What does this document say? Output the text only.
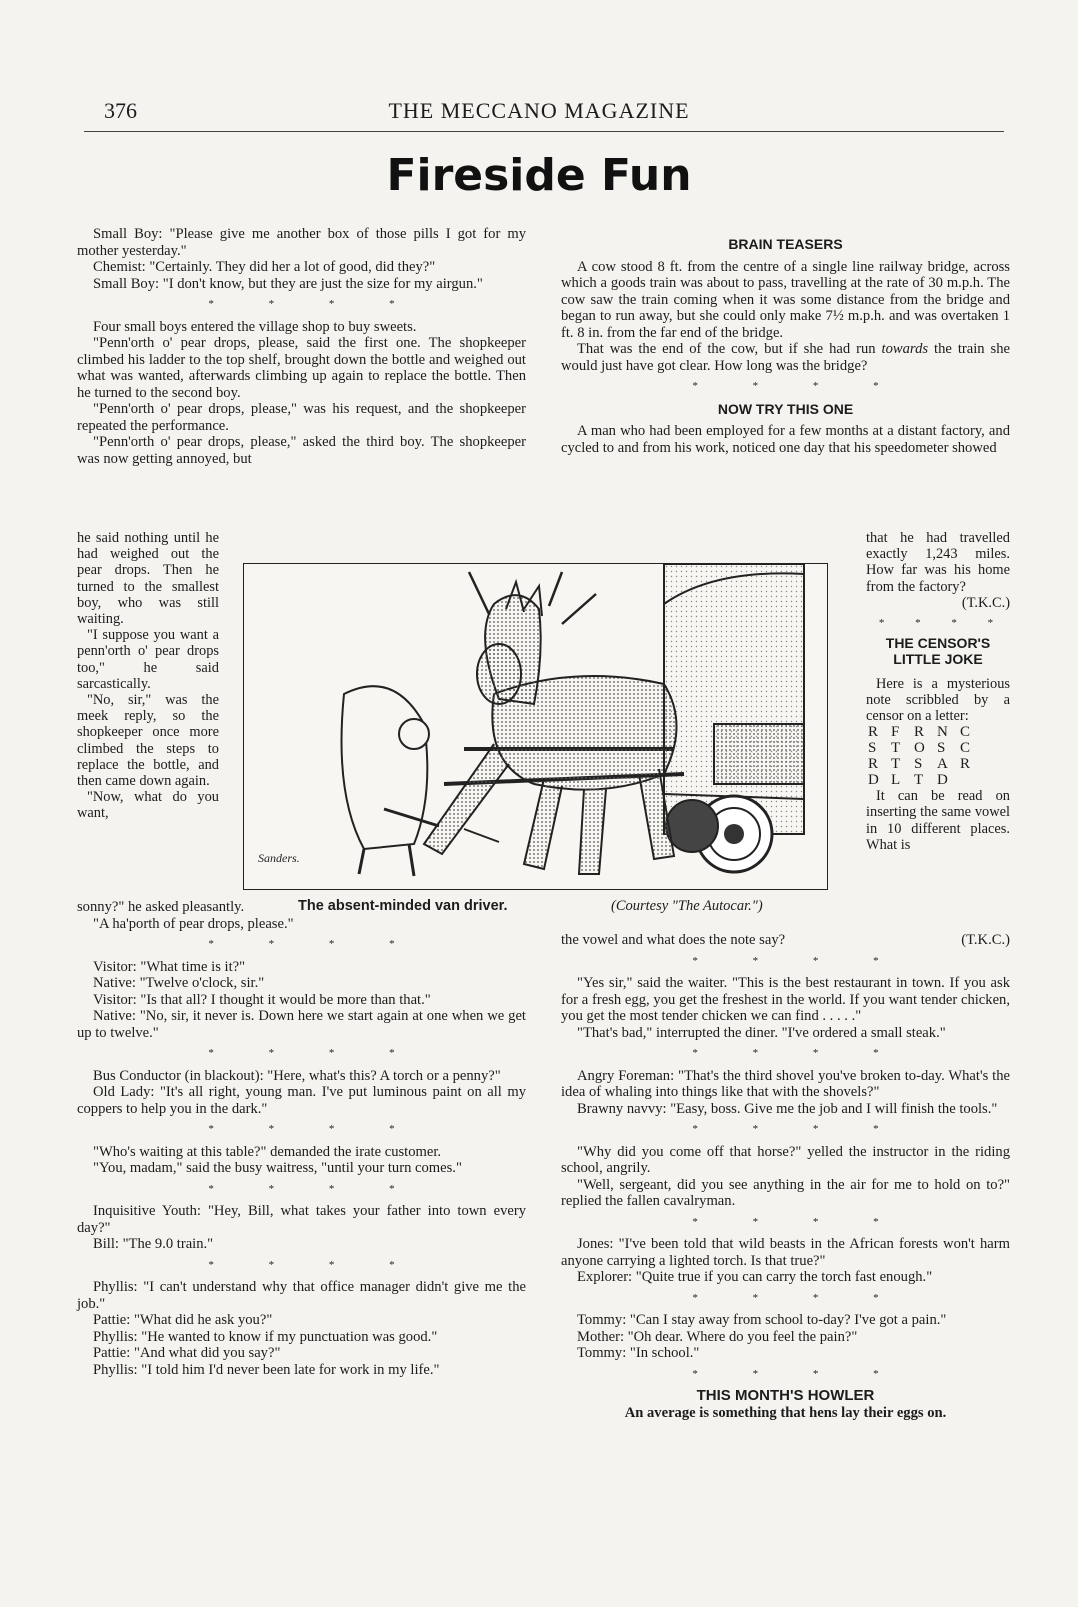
376	THE MECCANO MAGAZINE
Fireside Fun

Small Boy: "Please give me another box of those pills I got for my mother yesterday."

Chemist: "Certainly. They did her a lot of good, did they?"

Small Boy: "I don't know, but they are just the size for my airgun."

* * * *

Four small boys entered the village shop to buy sweets.

"Penn'orth o' pear drops, please, said the first one. The shopkeeper climbed his ladder to the top shelf, brought down the bottle and weighed out what was wanted, afterwards climbing up again to replace the bottle. Then he turned to the second boy.

"Penn'orth o' pear drops, please," was his request, and the shopkeeper repeated the performance.

"Penn'orth o' pear drops, please," asked the third boy. The shopkeeper was now getting annoyed, but

he said nothing until he had weighed out the pear drops. Then he turned to the smallest boy, who was still waiting.

"I suppose you want a penn'orth o' pear drops too," he said sarcastically.

"No, sir," was the meek reply, so the shopkeeper once more climbed the steps to replace the bottle, and then came down again.

"Now, what do you want,

Sanders.
The absent-minded van driver.	(Courtesy "The Autocar.")

sonny?" he asked pleasantly.

"A ha'porth of pear drops, please."

* * * *

Visitor: "What time is it?"

Native: "Twelve o'clock, sir."

Visitor: "Is that all? I thought it would be more than that."

Native: "No, sir, it never is. Down here we start again at one when we get up to twelve."

* * * *

Bus Conductor (in blackout): "Here, what's this? A torch or a penny?"

Old Lady: "It's all right, young man. I've put luminous paint on all my coppers to help you in the dark."

* * * *

"Who's waiting at this table?" demanded the irate customer.

"You, madam," said the busy waitress, "until your turn comes."

* * * *

Inquisitive Youth: "Hey, Bill, what takes your father into town every day?"

Bill: "The 9.0 train."

* * * *

Phyllis: "I can't understand why that office manager didn't give me the job."

Pattie: "What did he ask you?"

Phyllis: "He wanted to know if my punctuation was good."

Pattie: "And what did you say?"

Phyllis: "I told him I'd never been late for work in my life."

BRAIN TEASERS

A cow stood 8 ft. from the centre of a single line railway bridge, across which a goods train was about to pass, travelling at the rate of 30 m.p.h. The cow saw the train coming when it was some distance from the bridge and began to run away, but she could only make 7½ m.p.h. and was overtaken 1 ft. 8 in. from the far end of the bridge.

That was the end of the cow, but if she had run towards the train she would just have got clear. How long was the bridge?

* * * *
NOW TRY THIS ONE

A man who had been employed for a few months at a distant factory, and cycled to and from his work, noticed one day that his speedometer showed

that he had travelled exactly 1,243 miles. How far was his home from the factory?

(T.K.C.)
* * * *
THE CENSOR'S LITTLE JOKE

Here is a mysterious note scribbled by a censor on a letter:

R F R N C
S T O S C
R T S A R
D L T D

It can be read on inserting the same vowel in 10 different places. What is

the vowel and what does the note say?	(T.K.C.)

* * * *

"Yes sir," said the waiter. "This is the best restaurant in town. If you ask for a fresh egg, you get the freshest in the world. If you want tender chicken, you get the most tender chicken we can find . . . . ."

"That's bad," interrupted the diner. "I've ordered a small steak."

* * * *

Angry Foreman: "That's the third shovel you've broken to-day. What's the idea of whaling into things like that with the shovels?"

Brawny navvy: "Easy, boss. Give me the job and I will finish the tools."

* * * *

"Why did you come off that horse?" yelled the instructor in the riding school, angrily.

"Well, sergeant, did you see anything in the air for me to hold on to?" replied the fallen cavalryman.

* * * *

Jones: "I've been told that wild beasts in the African forests won't harm anyone carrying a lighted torch. Is that true?"

Explorer: "Quite true if you can carry the torch fast enough."

* * * *

Tommy: "Can I stay away from school to-day? I've got a pain."

Mother: "Oh dear. Where do you feel the pain?"

Tommy: "In school."

* * * *
THIS MONTH'S HOWLER
An average is something that hens lay their eggs on.
